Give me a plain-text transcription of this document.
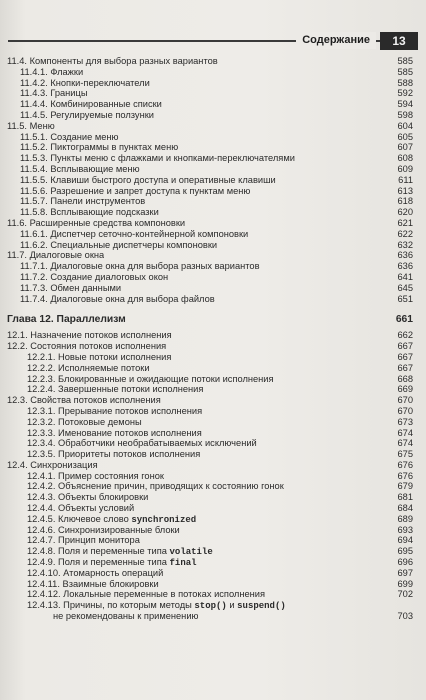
Содержание	13
11.4. Компоненты для выбора разных вариантов	585
11.4.1. Флажки	585
11.4.2. Кнопки-переключатели	588
11.4.3. Границы	592
11.4.4. Комбинированные списки	594
11.4.5. Регулируемые ползунки	598
11.5. Меню	604
11.5.1. Создание меню	605
11.5.2. Пиктограммы в пунктах меню	607
11.5.3. Пункты меню с флажками и кнопками-переключателями	608
11.5.4. Всплывающие меню	609
11.5.5. Клавиши быстрого доступа и оперативные клавиши	611
11.5.6. Разрешение и запрет доступа к пунктам меню	613
11.5.7. Панели инструментов	618
11.5.8. Всплывающие подсказки	620
11.6. Расширенные средства компоновки	621
11.6.1. Диспетчер сеточно-контейнерной компоновки	622
11.6.2. Специальные диспетчеры компоновки	632
11.7. Диалоговые окна	636
11.7.1. Диалоговые окна для выбора разных вариантов	636
11.7.2. Создание диалоговых окон	641
11.7.3. Обмен данными	645
11.7.4. Диалоговые окна для выбора файлов	651
Глава 12. Параллелизм	661
12.1. Назначение потоков исполнения	662
12.2. Состояния потоков исполнения	667
12.2.1. Новые потоки исполнения	667
12.2.2. Исполняемые потоки	667
12.2.3. Блокированные и ожидающие потоки исполнения	668
12.2.4. Завершенные потоки исполнения	669
12.3. Свойства потоков исполнения	670
12.3.1. Прерывание потоков исполнения	670
12.3.2. Потоковые демоны	673
12.3.3. Именование потоков исполнения	674
12.3.4. Обработчики необрабатываемых исключений	674
12.3.5. Приоритеты потоков исполнения	675
12.4. Синхронизация	676
12.4.1. Пример состояния гонок	676
12.4.2. Объяснение причин, приводящих к состоянию гонок	679
12.4.3. Объекты блокировки	681
12.4.4. Объекты условий	684
12.4.5. Ключевое слово synchronized	689
12.4.6. Синхронизированные блоки	693
12.4.7. Принцип монитора	694
12.4.8. Поля и переменные типа volatile	695
12.4.9. Поля и переменные типа final	696
12.4.10. Атомарность операций	697
12.4.11. Взаимные блокировки	699
12.4.12. Локальные переменные в потоках исполнения	702
12.4.13. Причины, по которым методы stop() и suspend()
не рекомендованы к применению	703
